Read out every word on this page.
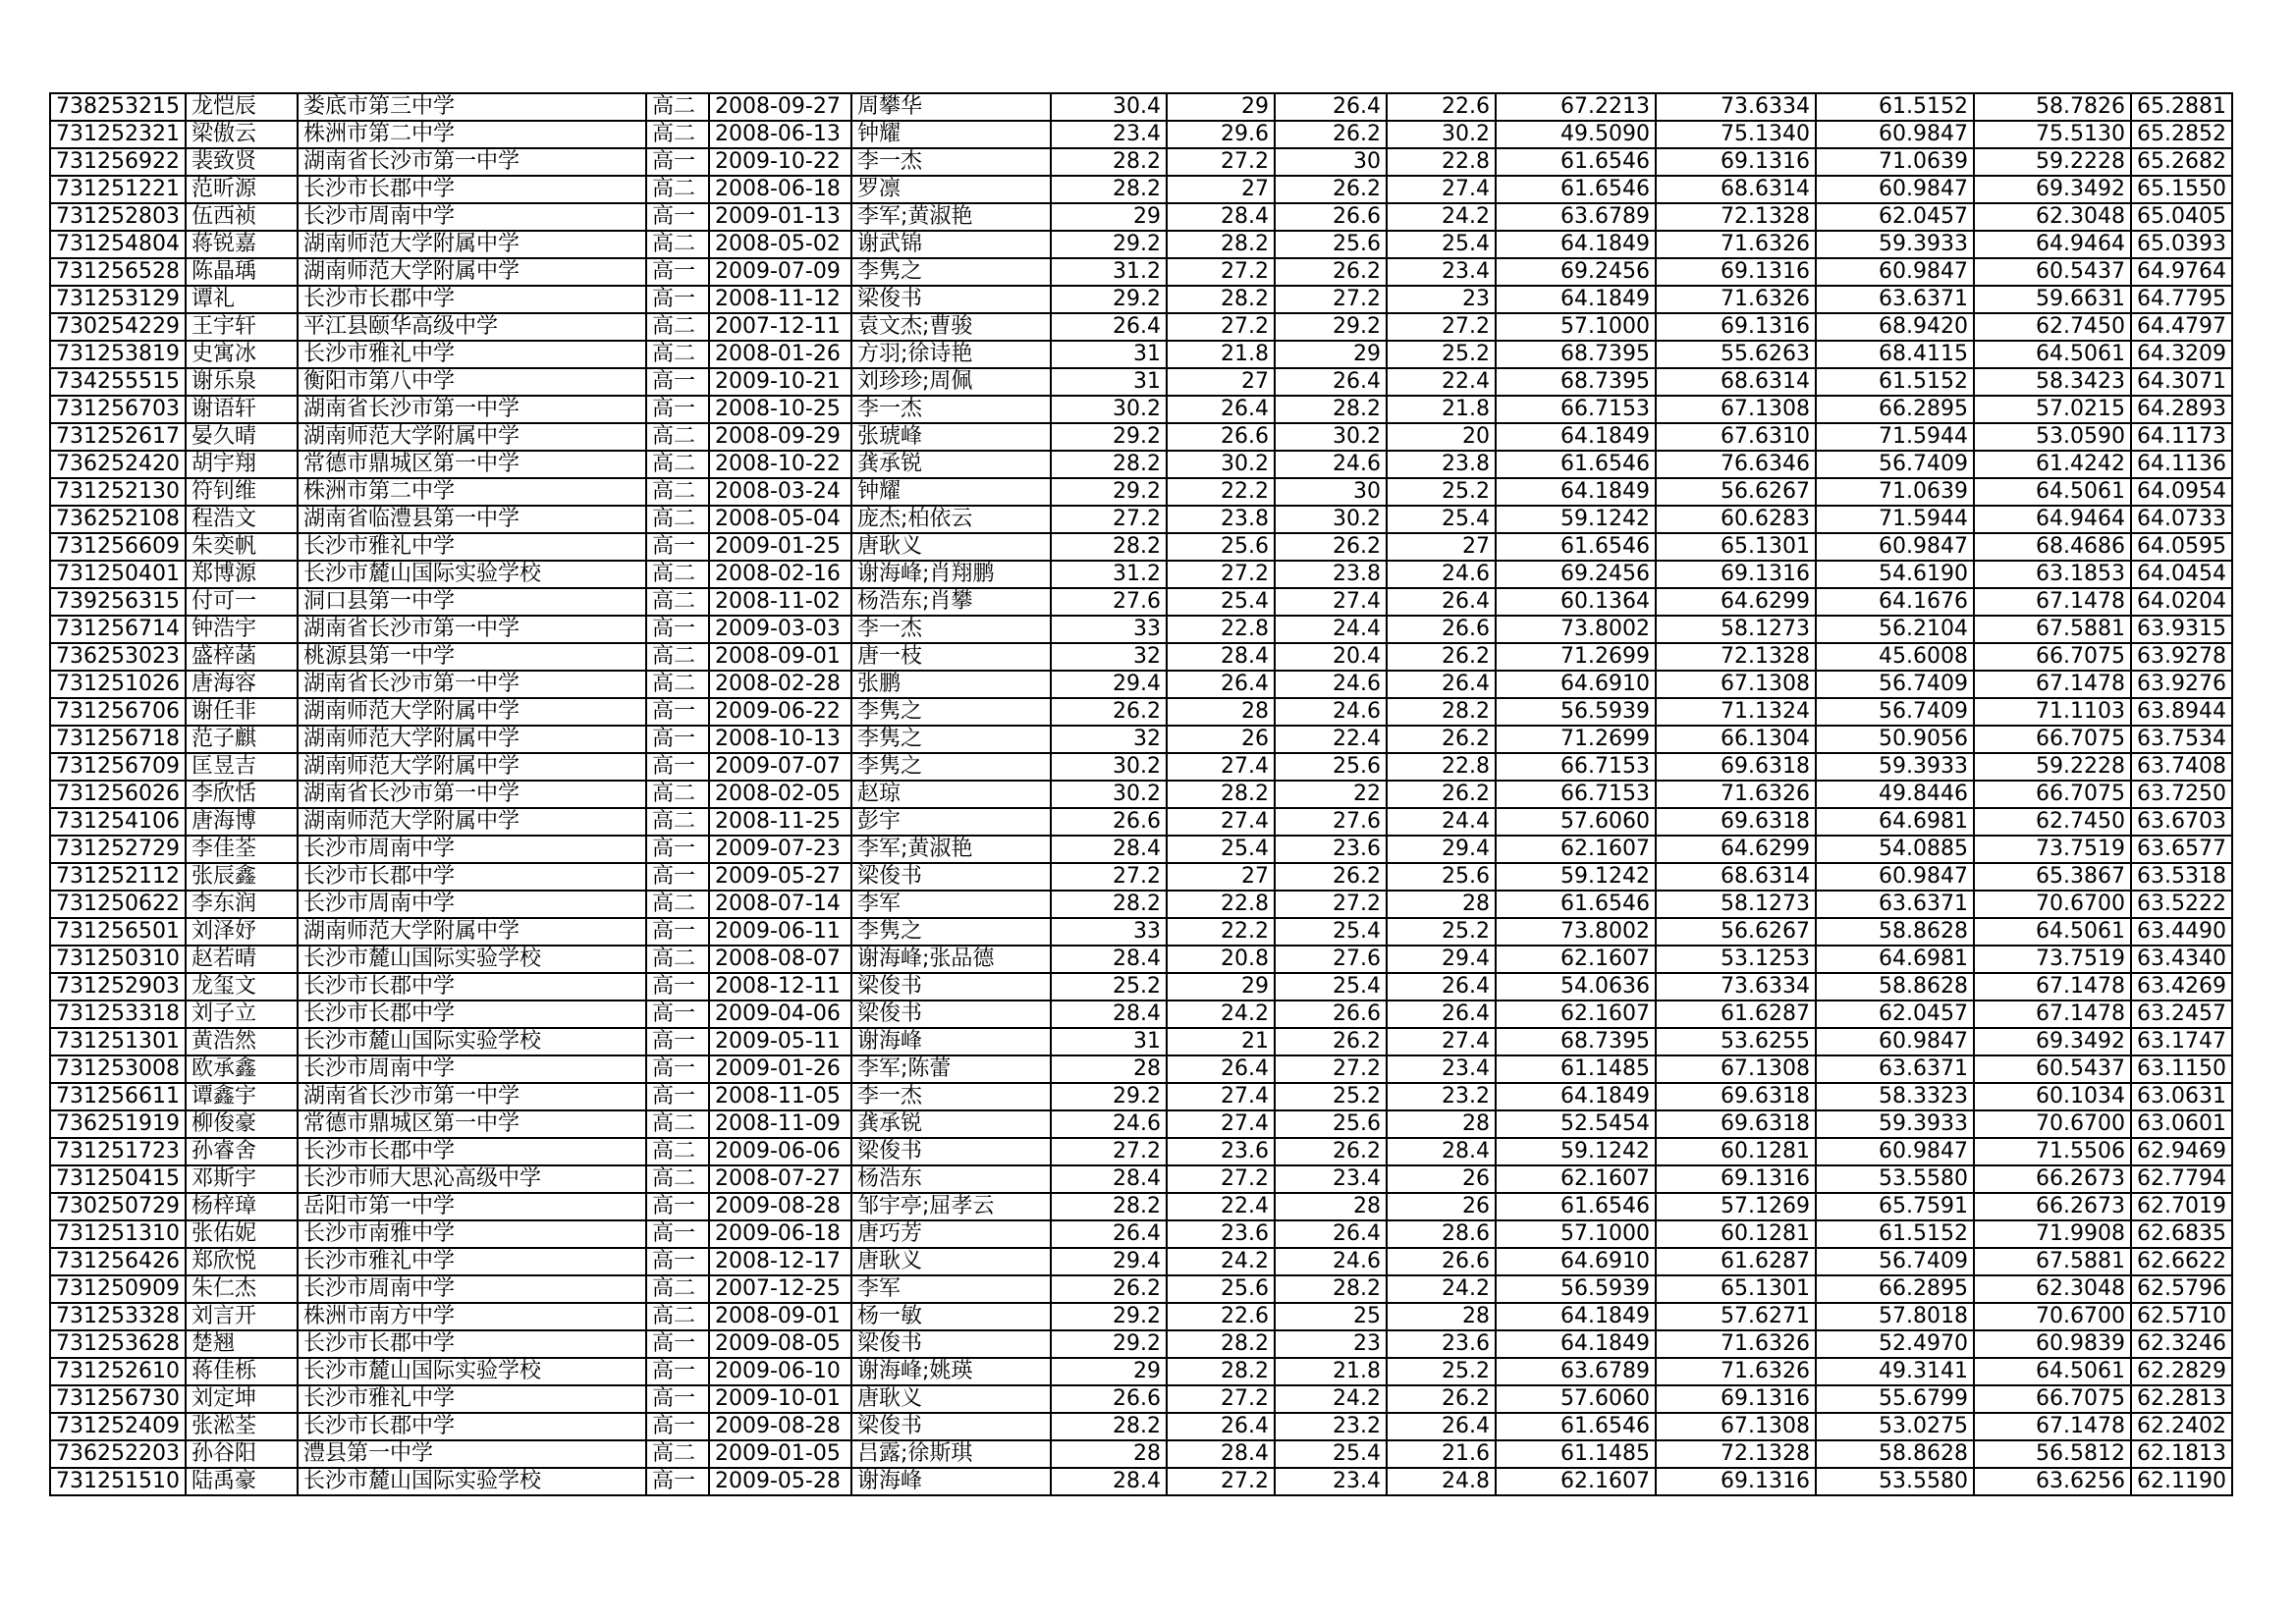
738253215	龙恺辰	娄底市第三中学	高二	2008-09-27	周攀华	30.4	29	26.4	22.6	67.2213	73.6334	61.5152	58.7826	65.2881
731252321	梁傲云	株洲市第二中学	高二	2008-06-13	钟耀	23.4	29.6	26.2	30.2	49.5090	75.1340	60.9847	75.5130	65.2852
731256922	裴致贤	湖南省长沙市第一中学	高一	2009-10-22	李一杰	28.2	27.2	30	22.8	61.6546	69.1316	71.0639	59.2228	65.2682
731251221	范昕源	长沙市长郡中学	高二	2008-06-18	罗凛	28.2	27	26.2	27.4	61.6546	68.6314	60.9847	69.3492	65.1550
731252803	伍西祯	长沙市周南中学	高一	2009-01-13	李军;黄淑艳	29	28.4	26.6	24.2	63.6789	72.1328	62.0457	62.3048	65.0405
731254804	蒋锐嘉	湖南师范大学附属中学	高二	2008-05-02	谢武锦	29.2	28.2	25.6	25.4	64.1849	71.6326	59.3933	64.9464	65.0393
731256528	陈晶瑀	湖南师范大学附属中学	高一	2009-07-09	李隽之	31.2	27.2	26.2	23.4	69.2456	69.1316	60.9847	60.5437	64.9764
731253129	谭礼	长沙市长郡中学	高一	2008-11-12	梁俊书	29.2	28.2	27.2	23	64.1849	71.6326	63.6371	59.6631	64.7795
730254229	王宇轩	平江县颐华高级中学	高二	2007-12-11	袁文杰;曹骏	26.4	27.2	29.2	27.2	57.1000	69.1316	68.9420	62.7450	64.4797
731253819	史寓冰	长沙市雅礼中学	高二	2008-01-26	方羽;徐诗艳	31	21.8	29	25.2	68.7395	55.6263	68.4115	64.5061	64.3209
734255515	谢乐泉	衡阳市第八中学	高一	2009-10-21	刘珍珍;周佩	31	27	26.4	22.4	68.7395	68.6314	61.5152	58.3423	64.3071
731256703	谢语轩	湖南省长沙市第一中学	高一	2008-10-25	李一杰	30.2	26.4	28.2	21.8	66.7153	67.1308	66.2895	57.0215	64.2893
731252617	晏久晴	湖南师范大学附属中学	高二	2008-09-29	张琥峰	29.2	26.6	30.2	20	64.1849	67.6310	71.5944	53.0590	64.1173
736252420	胡宇翔	常德市鼎城区第一中学	高二	2008-10-22	龚承锐	28.2	30.2	24.6	23.8	61.6546	76.6346	56.7409	61.4242	64.1136
731252130	符钊维	株洲市第二中学	高二	2008-03-24	钟耀	29.2	22.2	30	25.2	64.1849	56.6267	71.0639	64.5061	64.0954
736252108	程浩文	湖南省临澧县第一中学	高二	2008-05-04	庞杰;柏依云	27.2	23.8	30.2	25.4	59.1242	60.6283	71.5944	64.9464	64.0733
731256609	朱奕帆	长沙市雅礼中学	高一	2009-01-25	唐耿义	28.2	25.6	26.2	27	61.6546	65.1301	60.9847	68.4686	64.0595
731250401	郑博源	长沙市麓山国际实验学校	高二	2008-02-16	谢海峰;肖翔鹏	31.2	27.2	23.8	24.6	69.2456	69.1316	54.6190	63.1853	64.0454
739256315	付可一	洞口县第一中学	高二	2008-11-02	杨浩东;肖攀	27.6	25.4	27.4	26.4	60.1364	64.6299	64.1676	67.1478	64.0204
731256714	钟浩宇	湖南省长沙市第一中学	高一	2009-03-03	李一杰	33	22.8	24.4	26.6	73.8002	58.1273	56.2104	67.5881	63.9315
736253023	盛梓菡	桃源县第一中学	高二	2008-09-01	唐一枝	32	28.4	20.4	26.2	71.2699	72.1328	45.6008	66.7075	63.9278
731251026	唐海容	湖南省长沙市第一中学	高二	2008-02-28	张鹏	29.4	26.4	24.6	26.4	64.6910	67.1308	56.7409	67.1478	63.9276
731256706	谢任非	湖南师范大学附属中学	高一	2009-06-22	李隽之	26.2	28	24.6	28.2	56.5939	71.1324	56.7409	71.1103	63.8944
731256718	范子麒	湖南师范大学附属中学	高一	2008-10-13	李隽之	32	26	22.4	26.2	71.2699	66.1304	50.9056	66.7075	63.7534
731256709	匡昱吉	湖南师范大学附属中学	高一	2009-07-07	李隽之	30.2	27.4	25.6	22.8	66.7153	69.6318	59.3933	59.2228	63.7408
731256026	李欣恬	湖南省长沙市第一中学	高二	2008-02-05	赵琼	30.2	28.2	22	26.2	66.7153	71.6326	49.8446	66.7075	63.7250
731254106	唐海博	湖南师范大学附属中学	高二	2008-11-25	彭宇	26.6	27.4	27.6	24.4	57.6060	69.6318	64.6981	62.7450	63.6703
731252729	李佳荃	长沙市周南中学	高一	2009-07-23	李军;黄淑艳	28.4	25.4	23.6	29.4	62.1607	64.6299	54.0885	73.7519	63.6577
731252112	张辰鑫	长沙市长郡中学	高一	2009-05-27	梁俊书	27.2	27	26.2	25.6	59.1242	68.6314	60.9847	65.3867	63.5318
731250622	李东润	长沙市周南中学	高二	2008-07-14	李军	28.2	22.8	27.2	28	61.6546	58.1273	63.6371	70.6700	63.5222
731256501	刘泽妤	湖南师范大学附属中学	高一	2009-06-11	李隽之	33	22.2	25.4	25.2	73.8002	56.6267	58.8628	64.5061	63.4490
731250310	赵若晴	长沙市麓山国际实验学校	高二	2008-08-07	谢海峰;张品德	28.4	20.8	27.6	29.4	62.1607	53.1253	64.6981	73.7519	63.4340
731252903	龙玺文	长沙市长郡中学	高一	2008-12-11	梁俊书	25.2	29	25.4	26.4	54.0636	73.6334	58.8628	67.1478	63.4269
731253318	刘子立	长沙市长郡中学	高一	2009-04-06	梁俊书	28.4	24.2	26.6	26.4	62.1607	61.6287	62.0457	67.1478	63.2457
731251301	黄浩然	长沙市麓山国际实验学校	高一	2009-05-11	谢海峰	31	21	26.2	27.4	68.7395	53.6255	60.9847	69.3492	63.1747
731253008	欧承鑫	长沙市周南中学	高一	2009-01-26	李军;陈蕾	28	26.4	27.2	23.4	61.1485	67.1308	63.6371	60.5437	63.1150
731256611	谭鑫宇	湖南省长沙市第一中学	高一	2008-11-05	李一杰	29.2	27.4	25.2	23.2	64.1849	69.6318	58.3323	60.1034	63.0631
736251919	柳俊豪	常德市鼎城区第一中学	高二	2008-11-09	龚承锐	24.6	27.4	25.6	28	52.5454	69.6318	59.3933	70.6700	63.0601
731251723	孙睿舍	长沙市长郡中学	高二	2009-06-06	梁俊书	27.2	23.6	26.2	28.4	59.1242	60.1281	60.9847	71.5506	62.9469
731250415	邓斯宇	长沙市师大思沁高级中学	高二	2008-07-27	杨浩东	28.4	27.2	23.4	26	62.1607	69.1316	53.5580	66.2673	62.7794
730250729	杨梓璋	岳阳市第一中学	高一	2009-08-28	邹宇亭;屈孝云	28.2	22.4	28	26	61.6546	57.1269	65.7591	66.2673	62.7019
731251310	张佑妮	长沙市南雅中学	高一	2009-06-18	唐巧芳	26.4	23.6	26.4	28.6	57.1000	60.1281	61.5152	71.9908	62.6835
731256426	郑欣悦	长沙市雅礼中学	高一	2008-12-17	唐耿义	29.4	24.2	24.6	26.6	64.6910	61.6287	56.7409	67.5881	62.6622
731250909	朱仁杰	长沙市周南中学	高二	2007-12-25	李军	26.2	25.6	28.2	24.2	56.5939	65.1301	66.2895	62.3048	62.5796
731253328	刘言开	株洲市南方中学	高二	2008-09-01	杨一敏	29.2	22.6	25	28	64.1849	57.6271	57.8018	70.6700	62.5710
731253628	楚翘	长沙市长郡中学	高一	2009-08-05	梁俊书	29.2	28.2	23	23.6	64.1849	71.6326	52.4970	60.9839	62.3246
731252610	蒋佳栎	长沙市麓山国际实验学校	高一	2009-06-10	谢海峰;姚瑛	29	28.2	21.8	25.2	63.6789	71.6326	49.3141	64.5061	62.2829
731256730	刘定坤	长沙市雅礼中学	高一	2009-10-01	唐耿义	26.6	27.2	24.2	26.2	57.6060	69.1316	55.6799	66.7075	62.2813
731252409	张淞荃	长沙市长郡中学	高一	2009-08-28	梁俊书	28.2	26.4	23.2	26.4	61.6546	67.1308	53.0275	67.1478	62.2402
736252203	孙谷阳	澧县第一中学	高二	2009-01-05	吕露;徐斯琪	28	28.4	25.4	21.6	61.1485	72.1328	58.8628	56.5812	62.1813
731251510	陆禹豪	长沙市麓山国际实验学校	高一	2009-05-28	谢海峰	28.4	27.2	23.4	24.8	62.1607	69.1316	53.5580	63.6256	62.1190
